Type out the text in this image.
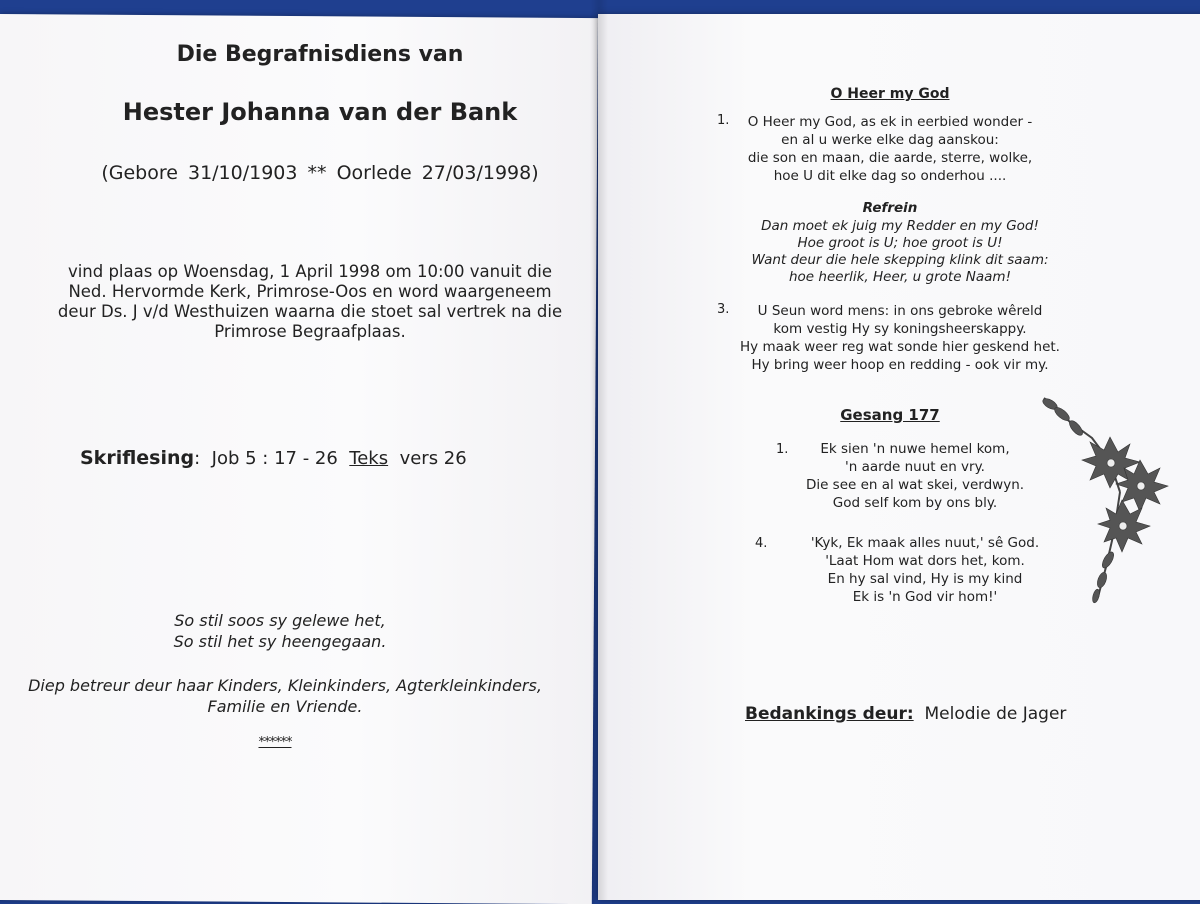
Die Begrafnisdiens van
Hester Johanna van der Bank
(Gebore 31/10/1903 ** Oorlede 27/03/1998)
vind plaas op Woensdag, 1 April 1998 om 10:00 vanuit die
Ned. Hervormde Kerk, Primrose-Oos en word waargeneem
deur Ds. J v/d Westhuizen waarna die stoet sal vertrek na die
Primrose Begraafplaas.
Skriflesing: Job 5 : 17 - 26 Teks vers 26
So stil soos sy gelewe het,
So stil het sy heengegaan.
Diep betreur deur haar Kinders, Kleinkinders, Agterkleinkinders,
Familie en Vriende.
******
O Heer my God
1.	O Heer my God, as ek in eerbied wonder -
en al u werke elke dag aanskou:
die son en maan, die aarde, sterre, wolke,
hoe U dit elke dag so onderhou ....
Refrein
Dan moet ek juig my Redder en my God!
Hoe groot is U; hoe groot is U!
Want deur die hele skepping klink dit saam:
hoe heerlik, Heer, u grote Naam!
3.	U Seun word mens: in ons gebroke wêreld
kom vestig Hy sy koningsheerskappy.
Hy maak weer reg wat sonde hier geskend het.
Hy bring weer hoop en redding - ook vir my.
Gesang 177
1.	Ek sien 'n nuwe hemel kom,
'n aarde nuut en vry.
Die see en al wat skei, verdwyn.
God self kom by ons bly.
4.	'Kyk, Ek maak alles nuut,' sê God.
'Laat Hom wat dors het, kom.
En hy sal vind, Hy is my kind
Ek is 'n God vir hom!'
Bedankings deur: Melodie de Jager
